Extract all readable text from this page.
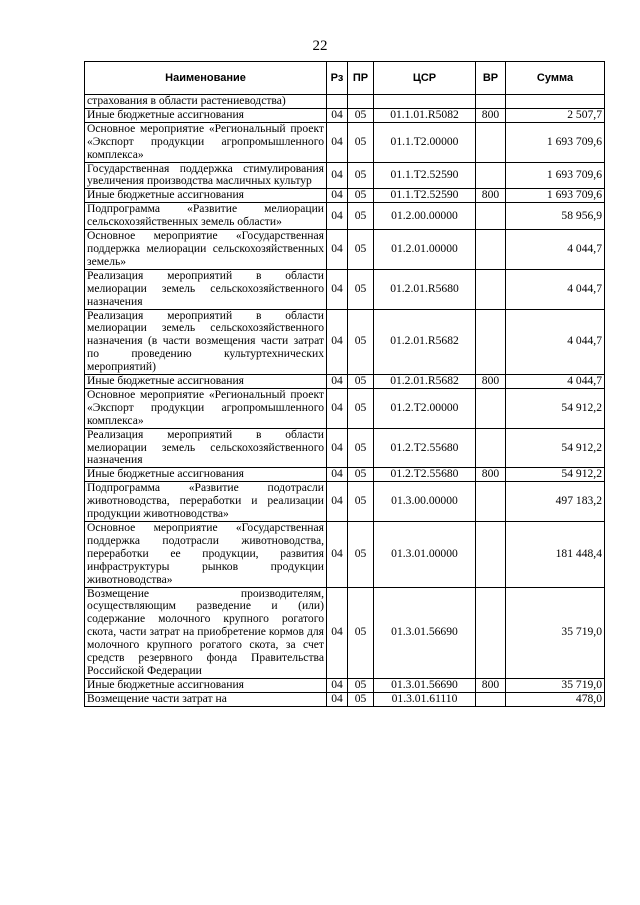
22
Наименование	Рз	ПР	ЦСР	ВР	Сумма
страхования в области растениеводства)					
Иные бюджетные ассигнования	04	05	01.1.01.R5082	800	2 507,7
Основное мероприятие «Региональный проект «Экспорт продукции агропромышленного комплекса»	04	05	01.1.Т2.00000		1 693 709,6
Государственная поддержка стимулирования увеличения производства масличных культур	04	05	01.1.Т2.52590		1 693 709,6
Иные бюджетные ассигнования	04	05	01.1.Т2.52590	800	1 693 709,6
Подпрограмма «Развитие мелиорации сельскохозяйственных земель области»	04	05	01.2.00.00000		58 956,9
Основное мероприятие «Государственная поддержка мелиорации сельскохозяйственных земель»	04	05	01.2.01.00000		4 044,7
Реализация мероприятий в области мелиорации земель сельскохозяйственного назначения	04	05	01.2.01.R5680		4 044,7
Реализация мероприятий в области мелиорации земель сельскохозяйственного назначения (в части возмещения части затрат по проведению культуртехнических мероприятий)	04	05	01.2.01.R5682		4 044,7
Иные бюджетные ассигнования	04	05	01.2.01.R5682	800	4 044,7
Основное мероприятие «Региональный проект «Экспорт продукции агропромышленного комплекса»	04	05	01.2.Т2.00000		54 912,2
Реализация мероприятий в области мелиорации земель сельскохозяйственного назначения	04	05	01.2.Т2.55680		54 912,2
Иные бюджетные ассигнования	04	05	01.2.Т2.55680	800	54 912,2
Подпрограмма «Развитие подотрасли животноводства, переработки и реализации продукции животноводства»	04	05	01.3.00.00000		497 183,2
Основное мероприятие «Государственная поддержка подотрасли животноводства, переработки ее продукции, развития инфраструктуры рынков продукции животноводства»	04	05	01.3.01.00000		181 448,4
Возмещение производителям, осуществляющим разведение и (или) содержание молочного крупного рогатого скота, части затрат на приобретение кормов для молочного крупного рогатого скота, за счет средств резервного фонда Правительства Российской Федерации	04	05	01.3.01.56690		35 719,0
Иные бюджетные ассигнования	04	05	01.3.01.56690	800	35 719,0
Возмещение части затрат на	04	05	01.3.01.61110		478,0
